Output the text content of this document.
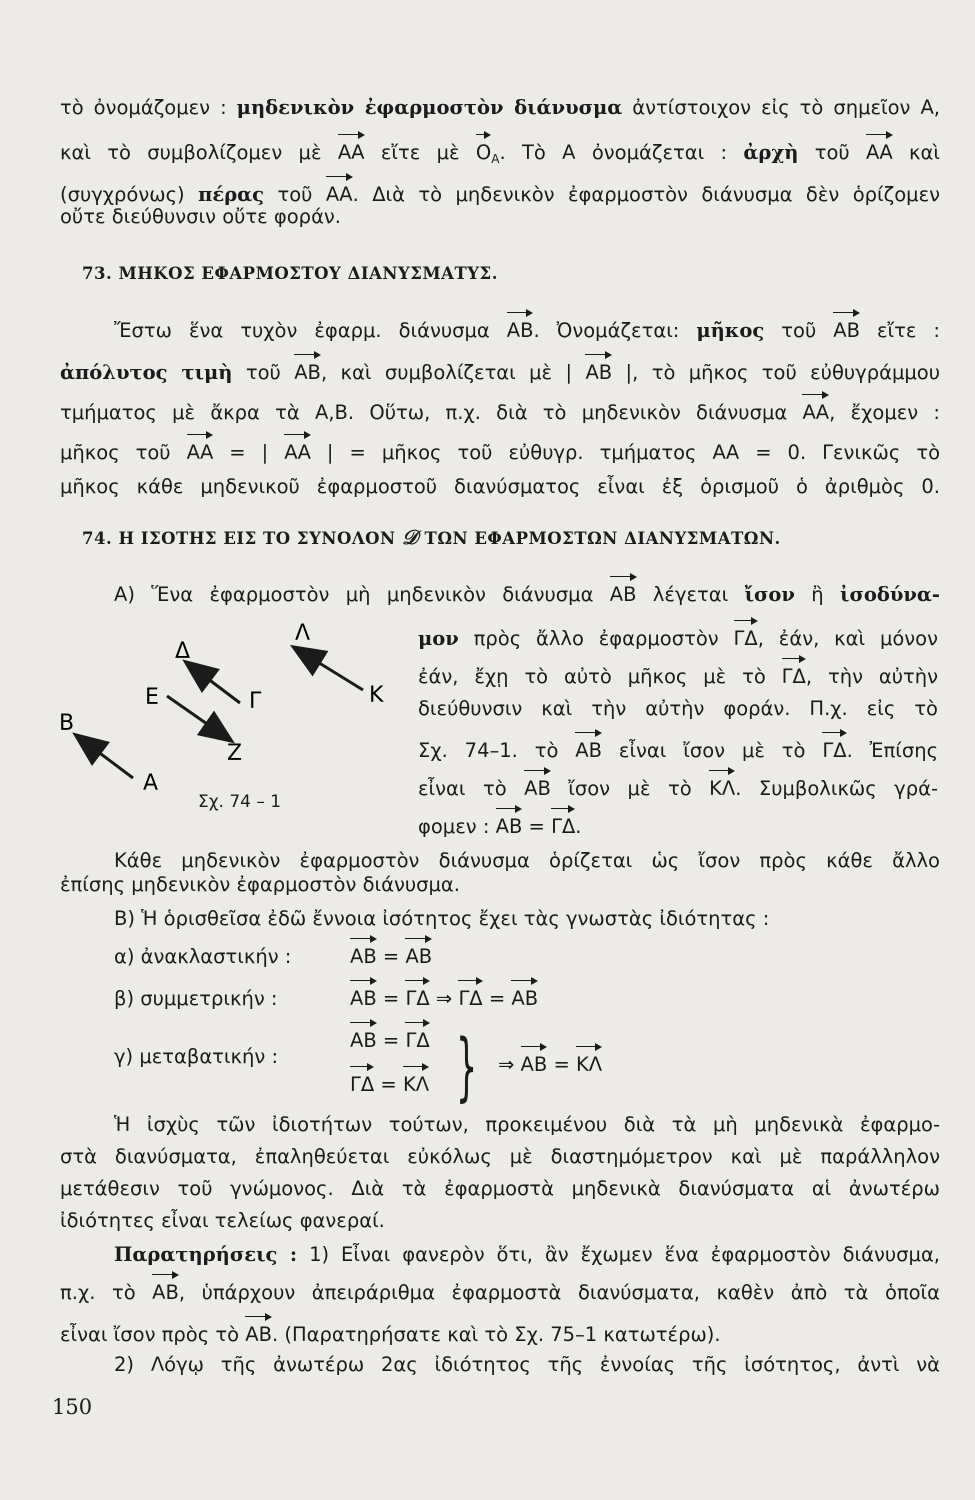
τὸ ὀνομάζομεν : μηδενικὸν ἐφαρμοστὸν διάνυσμα ἀντίστοιχον εἰς τὸ σημεῖον Α,
καὶ τὸ συμβολίζομεν μὲ ΑΑ εἴτε μὲ $O_A$. Τὸ Α ὀνομάζεται : ἀρχὴ τοῦ ΑΑ καὶ
(συγχρόνως) πέρας τοῦ ΑΑ. Διὰ τὸ μηδενικὸν ἐφαρμοστὸν διάνυσμα δὲν ὁρίζομεν
οὔτε διεύθυνσιν οὔτε φοράν.
73. ΜΗΚΟΣ ΕΦΑΡΜΟΣΤΟΥ ΔΙΑΝΥΣΜΑΤΥΣ.
Ἔστω ἕνα τυχὸν ἐφαρμ. διάνυσμα ΑΒ. Ὀνομάζεται: μῆκος τοῦ ΑΒ εἴτε :
ἀπόλυτος τιμὴ τοῦ ΑΒ, καὶ συμβολίζεται μὲ | ΑΒ |, τὸ μῆκος τοῦ εὐθυγράμμου
τμήματος μὲ ἄκρα τὰ Α,Β. Οὕτω, π.χ. διὰ τὸ μηδενικὸν διάνυσμα ΑΑ, ἔχομεν :
μῆκος τοῦ ΑΑ = | ΑΑ | = μῆκος τοῦ εὐθυγρ. τμήματος ΑΑ = 0. Γενικῶς τὸ
μῆκος κάθε μηδενικοῦ ἐφαρμοστοῦ διανύσματος εἶναι ἐξ ὁρισμοῦ ὁ ἀριθμὸς 0.
74. Η ΙΣΟΤΗΣ ΕΙΣ ΤΟ ΣΥΝΟΛΟΝ 𝒟 ΤΩΝ ΕΦΑΡΜΟΣΤΩΝ ΔΙΑΝΥΣΜΑΤΩΝ.
Α) Ἕνα ἐφαρμοστὸν μὴ μηδενικὸν διάνυσμα ΑΒ λέγεται ἴσον ἢ ἰσοδύνα-
μον πρὸς ἄλλο ἐφαρμοστὸν ΓΔ, ἐάν, καὶ μόνον
ἐάν, ἔχῃ τὸ αὐτὸ μῆκος μὲ τὸ ΓΔ, τὴν αὐτὴν
διεύθυνσιν καὶ τὴν αὐτὴν φοράν. Π.χ. εἰς τὸ
Σχ. 74–1. τὸ ΑΒ εἶναι ἴσον μὲ τὸ ΓΔ. Ἐπίσης
εἶναι τὸ ΑΒ ἴσον μὲ τὸ ΚΛ. Συμβολικῶς γρά-
φομεν : ΑΒ = ΓΔ.
Α
Β
Γ
Δ
Ε
Ζ
Κ
Λ
Σχ. 74 – 1
Κάθε μηδενικὸν ἐφαρμοστὸν διάνυσμα ὁρίζεται ὡς ἴσον πρὸς κάθε ἄλλο
ἐπίσης μηδενικὸν ἐφαρμοστὸν διάνυσμα.
Β) Ἡ ὁρισθεῖσα ἐδῶ ἔννοια ἰσότητος ἔχει τὰς γνωστὰς ἰδιότητας :
α) ἀνακλαστικήν :	ΑΒ = ΑΒ
β) συμμετρικήν :	ΑΒ = ΓΔ ⇒ ΓΔ = ΑΒ
γ) μεταβατικήν :
ΑΒ = ΓΔ
ΓΔ = ΚΛ } ⇒ ΑΒ = ΚΛ
Ἡ ἰσχὺς τῶν ἰδιοτήτων τούτων, προκειμένου διὰ τὰ μὴ μηδενικὰ ἐφαρμο-
στὰ διανύσματα, ἐπαληθεύεται εὐκόλως μὲ διαστημόμετρον καὶ μὲ παράλληλον
μετάθεσιν τοῦ γνώμονος. Διὰ τὰ ἐφαρμοστὰ μηδενικὰ διανύσματα αἱ ἀνωτέρω
ἰδιότητες εἶναι τελείως φανεραί.
Παρατηρήσεις : 1) Εἶναι φανερὸν ὅτι, ἂν ἔχωμεν ἕνα ἐφαρμοστὸν διάνυσμα,
π.χ. τὸ ΑΒ, ὑπάρχουν ἀπειράριθμα ἐφαρμοστὰ διανύσματα, καθὲν ἀπὸ τὰ ὁποῖα
εἶναι ἴσον πρὸς τὸ ΑΒ. (Παρατηρήσατε καὶ τὸ Σχ. 75–1 κατωτέρω).
2) Λόγῳ τῆς ἀνωτέρω 2ας ἰδιότητος τῆς ἐννοίας τῆς ἰσότητος, ἀντὶ νὰ
150
